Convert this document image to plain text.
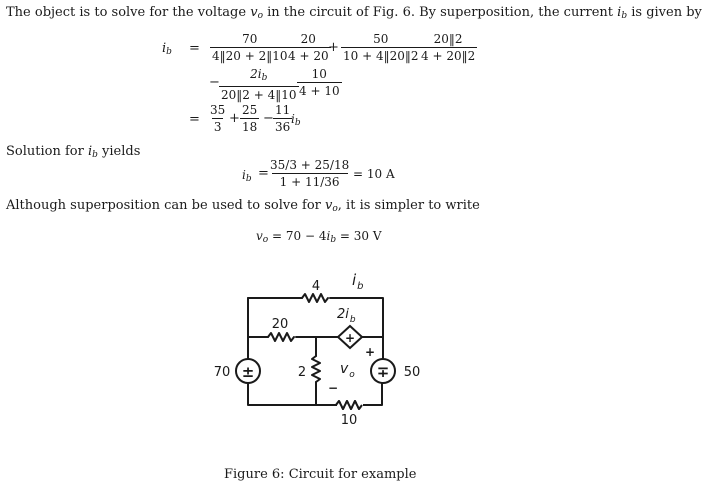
The object is to solve for the voltage $v_o$ in the circuit of Fig. 6. By superposition, the current $i_b$ is given by
$i_b = \frac{70}{4‖20 + 2‖10}$
$\frac{20}{4 + 20}$
+ $\frac{50}{10 + 4‖20‖2}$
$\frac{20‖2}{4 + 20‖2}$
− $\frac{2i_b}{20‖2 + 4‖10}$
$\frac{10}{4 + 10}$
= $\frac{35}{3} + \frac{25}{18} - \frac{11}{36}$
$i_b$
Solution for $i_b$ yields
$i_b = \frac{35/3 + 25/18}{1 + 11/36} = 10$ A
Although superposition can be used to solve for $v_o$, it is simpler to write
$v_o = 70 - 4i_b = 30$ V
±	∓
+
4 $i_b$
20
$2i_b$
+
2 $v_o$
−
70	50
10
Figure 6: Circuit for example
